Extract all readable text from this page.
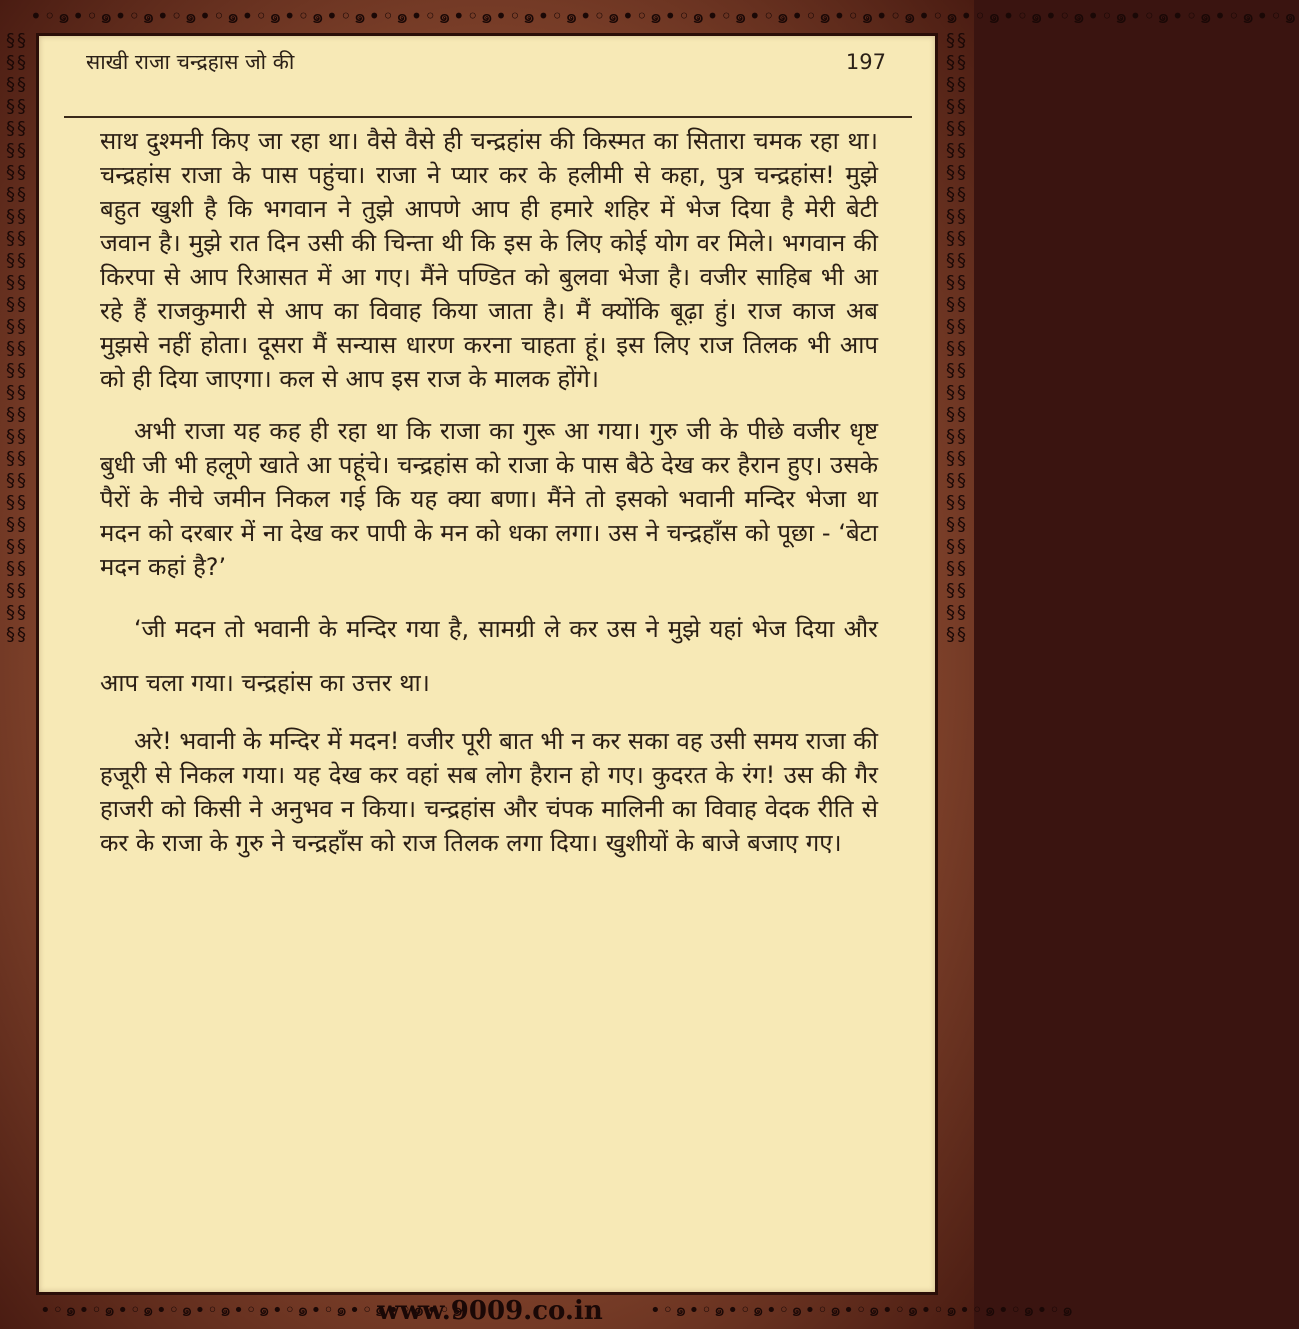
•◦๑•◦๑•◦๑•◦๑•◦๑•◦๑•◦๑•◦๑•◦๑•◦๑•◦๑•◦๑•◦๑•◦๑•◦๑•◦๑•◦๑•◦๑•◦๑•◦๑•◦๑•◦๑•◦๑•◦๑•◦๑•◦๑•◦๑•◦๑•◦๑•◦๑
§§§§§§§§§§§§§§§§§§§§§§§§§§§§§§§§§§§§§§§§§§§§§§§§§§§§§§§§
§§§§§§§§§§§§§§§§§§§§§§§§§§§§§§§§§§§§§§§§§§§§§§§§§§§§§§§§
•◦๑•◦๑•◦๑•◦๑•◦๑•◦๑•◦๑•◦๑•◦๑•◦๑•◦๑	•◦๑•◦๑•◦๑•◦๑•◦๑•◦๑•◦๑•◦๑•◦๑•◦๑•◦๑
www.9009.co.in
साखी राजा चन्द्रहास जो की	197

साथ दुश्मनी किए जा रहा था। वैसे वैसे ही चन्द्रहांस की किस्मत का सितारा चमक रहा था। चन्द्रहांस राजा के पास पहुंचा। राजा ने प्यार कर के हलीमी से कहा, पुत्र चन्द्रहांस! मुझे बहुत खुशी है कि भगवान ने तुझे आपणे आप ही हमारे शहिर में भेज दिया है मेरी बेटी जवान है। मुझे रात दिन उसी की चिन्ता थी कि इस के लिए कोई योग वर मिले। भगवान की किरपा से आप रिआसत में आ गए। मैंने पण्डित को बुलवा भेजा है। वजीर साहिब भी आ रहे हैं राजकुमारी से आप का विवाह किया जाता है। मैं क्योंकि बूढ़ा हुं। राज काज अब मुझसे नहीं होता। दूसरा मैं सन्यास धारण करना चाहता हूं। इस लिए राज तिलक भी आप को ही दिया जाएगा। कल से आप इस राज के मालक होंगे।

अभी राजा यह कह ही रहा था कि राजा का गुरू आ गया। गुरु जी के पीछे वजीर धृष्ट बुधी जी भी हलूणे खाते आ पहूंचे। चन्द्रहांस को राजा के पास बैठे देख कर हैरान हुए। उसके पैरों के नीचे जमीन निकल गई कि यह क्या बणा। मैंने तो इसको भवानी मन्दिर भेजा था मदन को दरबार में ना देख कर पापी के मन को धका लगा। उस ने चन्द्रहाँस को पूछा - ‘बेटा मदन कहां है?’

‘जी मदन तो भवानी के मन्दिर गया है, सामग्री ले कर उस ने मुझे यहां भेज दिया और आप चला गया। चन्द्रहांस का उत्तर था।

अरे! भवानी के मन्दिर में मदन! वजीर पूरी बात भी न कर सका वह उसी समय राजा की हजूरी से निकल गया। यह देख कर वहां सब लोग हैरान हो गए। कुदरत के रंग! उस की गैर हाजरी को किसी ने अनुभव न किया। चन्द्रहांस और चंपक मालिनी का विवाह वेदक रीति से कर के राजा के गुरु ने चन्द्रहाँस को राज तिलक लगा दिया। खुशीयों के बाजे बजाए गए।
